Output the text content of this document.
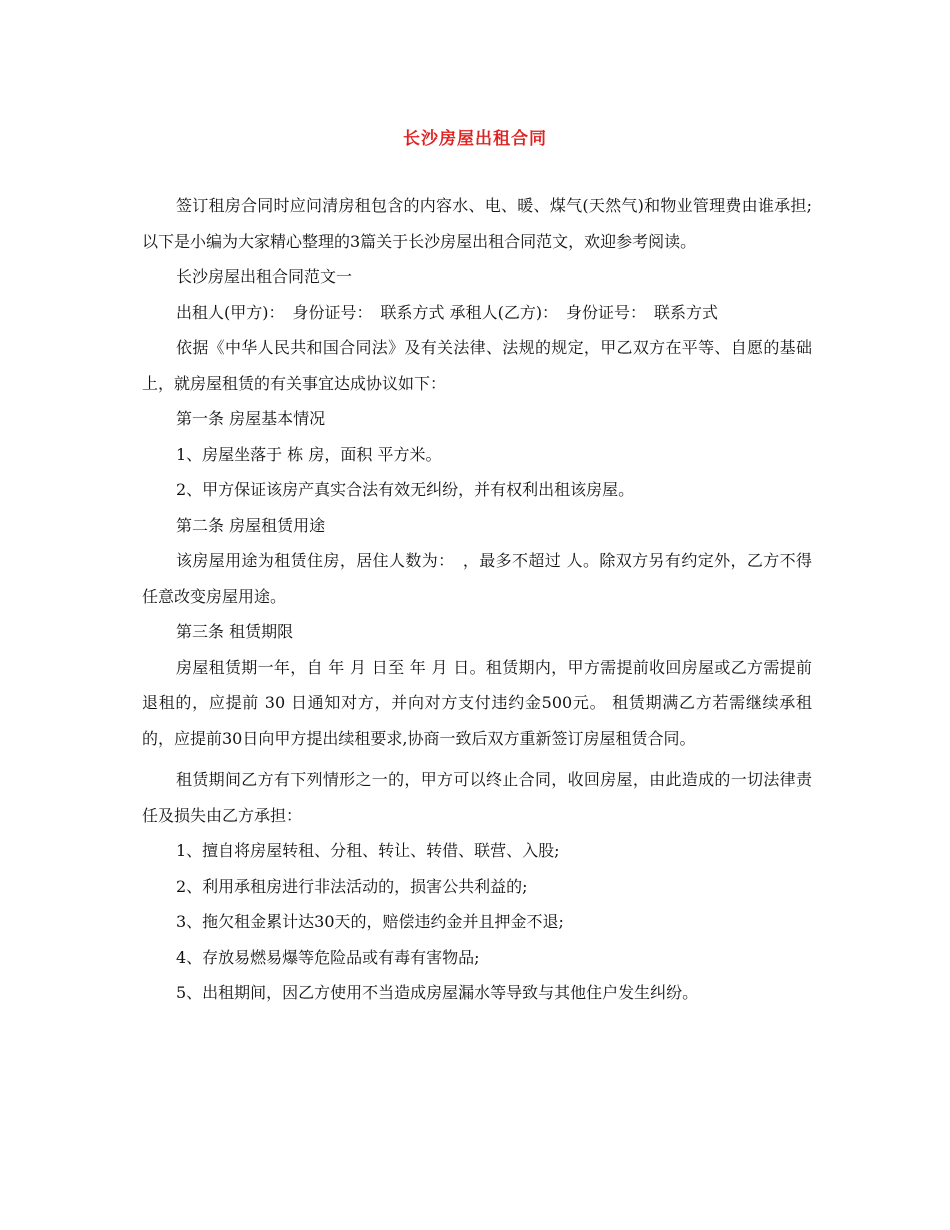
长沙房屋出租合同

签订租房合同时应问清房租包含的内容水、电、暖、煤气(天然气)和物业管理费由谁承担;以下是小编为大家精心整理的3篇关于长沙房屋出租合同范文，欢迎参考阅读。

长沙房屋出租合同范文一

出租人(甲方)：　身份证号：　联系方式 承租人(乙方)：　身份证号：　联系方式

依据《中华人民共和国合同法》及有关法律、法规的规定，甲乙双方在平等、自愿的基础上，就房屋租赁的有关事宜达成协议如下：

第一条 房屋基本情况

1、房屋坐落于 栋 房，面积 平方米。

2、甲方保证该房产真实合法有效无纠纷，并有权利出租该房屋。

第二条 房屋租赁用途

该房屋用途为租赁住房，居住人数为：　，最多不超过 人。除双方另有约定外，乙方不得任意改变房屋用途。

第三条 租赁期限

房屋租赁期一年，自 年 月 日至 年 月 日。租赁期内，甲方需提前收回房屋或乙方需提前退租的，应提前 30 日通知对方，并向对方支付违约金500元。 租赁期满乙方若需继续承租的，应提前30日向甲方提出续租要求,协商一致后双方重新签订房屋租赁合同。

租赁期间乙方有下列情形之一的，甲方可以终止合同，收回房屋，由此造成的一切法律责任及损失由乙方承担：

1、擅自将房屋转租、分租、转让、转借、联营、入股;

2、利用承租房进行非法活动的，损害公共利益的;

3、拖欠租金累计达30天的，赔偿违约金并且押金不退;

4、存放易燃易爆等危险品或有毒有害物品;

5、出租期间，因乙方使用不当造成房屋漏水等导致与其他住户发生纠纷。
